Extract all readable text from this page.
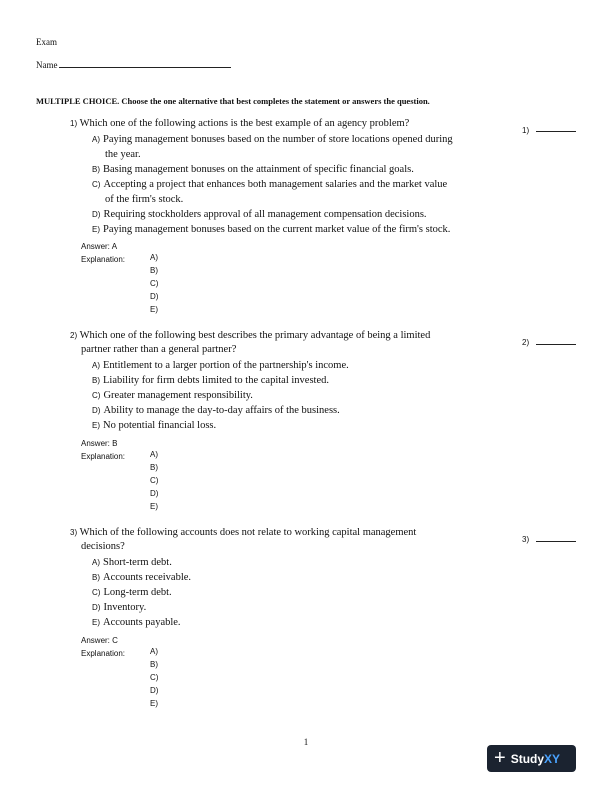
Exam
Name
MULTIPLE CHOICE. Choose the one alternative that best completes the statement or answers the question.
1) Which one of the following actions is the best example of an agency problem?
1)
A) Paying management bonuses based on the number of store locations opened during
the year.
B) Basing management bonuses on the attainment of specific financial goals.
C) Accepting a project that enhances both management salaries and the market value
of the firm's stock.
D) Requiring stockholders approval of all management compensation decisions.
E) Paying management bonuses based on the current market value of the firm's stock.
Answer: A
Explanation:	A)
B)
C)
D)
E)
2) Which one of the following best describes the primary advantage of being a limited
partner rather than a general partner?
2)
A) Entitlement to a larger portion of the partnership's income.
B) Liability for firm debts limited to the capital invested.
C) Greater management responsibility.
D) Ability to manage the day-to-day affairs of the business.
E) No potential financial loss.
Answer: B
Explanation:	A)
B)
C)
D)
E)
3) Which of the following accounts does not relate to working capital management
decisions?
3)
A) Short-term debt.
B) Accounts receivable.
C) Long-term debt.
D) Inventory.
E) Accounts payable.
Answer: C
Explanation:	A)
B)
C)
D)
E)
1
+ Study XY
